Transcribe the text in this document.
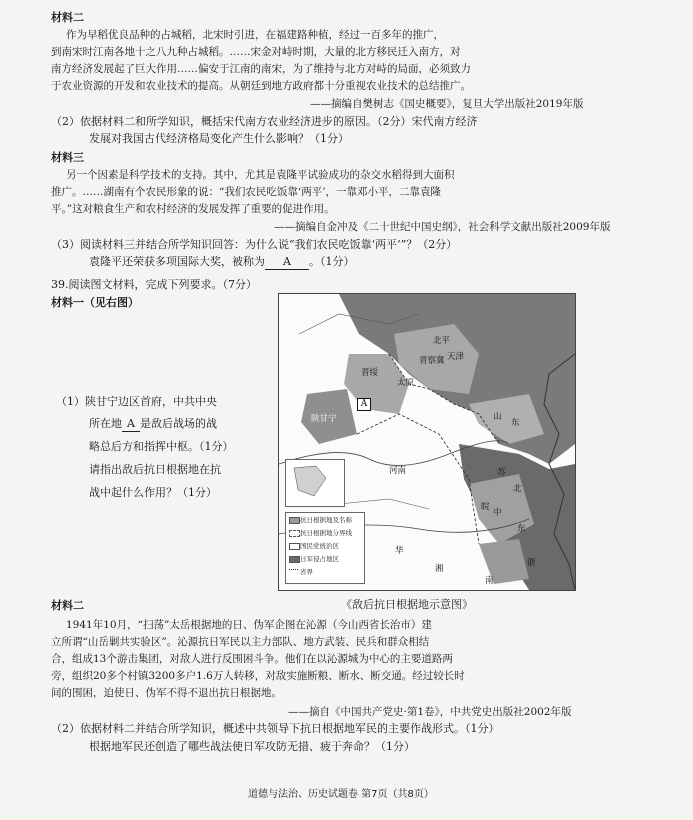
材料二
作为早稻优良品种的占城稻，北宋时引进，在福建路种植，经过一百多年的推广，
到南宋时江南各地十之八九种占城稻。……宋金对峙时期，大量的北方移民迁入南方，对
南方经济发展起了巨大作用……偏安于江南的南宋，为了维持与北方对峙的局面，必须致力
于农业资源的开发和农业技术的提高。从朝廷到地方政府都十分重视农业技术的总结推广。
——摘编自樊树志《国史概要》，复旦大学出版社2019年版
（2）依据材料二和所学知识，概括宋代南方农业经济进步的原因。（2分）宋代南方经济
发展对我国古代经济格局变化产生什么影响？（1分）
材料三
另一个因素是科学技术的支持。其中，尤其是袁隆平试验成功的杂交水稻得到大面积
推广。……湖南有个农民形象的说：“我们农民吃饭靠‘两平’，一靠邓小平，二靠袁隆
平。”这对粮食生产和农村经济的发展发挥了重要的促进作用。
——摘编自金冲及《二十世纪中国史纲》，社会科学文献出版社2009年版
（3）阅读材料三并结合所学知识回答：为什么说“我们农民吃饭靠‘两平’”？（2分）
袁隆平还荣获多项国际大奖，被称为 A 。（1分）
39.阅读图文材料，完成下列要求。（7分）
材料一（见右图）
（1）陕甘宁边区首府，中共中央
所在地 A 是敌后战场的战
略总后方和指挥中枢。（1分）
请指出敌后抗日根据地在抗
战中起什么作用？（1分）
A
北平
天津
太原
陕甘宁
晋绥
晋察冀
山
东
河南	苏
北
皖
中
华
东
浙
湘
南
抗日根据地及名称
抗日根据地分界线
国民党统治区
日军侵占地区
省界
《敌后抗日根据地示意图》
材料二
1941年10月，“扫荡”太岳根据地的日、伪军企图在沁源（今山西省长治市）建
立所谓“山岳剿共实验区”。沁源抗日军民以主力部队、地方武装、民兵和群众相结
合，组成13个游击集团，对敌人进行反围困斗争。他们在以沁源城为中心的主要道路两
旁，组织20多个村镇3200多户1.6万人转移，对敌实施断粮、断水、断交通。经过较长时
间的围困，迫使日、伪军不得不退出抗日根据地。
——摘自《中国共产党史·第1卷》，中共党史出版社2002年版
（2）依据材料二并结合所学知识，概述中共领导下抗日根据地军民的主要作战形式。（1分）
根据地军民还创造了哪些战法使日军攻防无措、疲于奔命？（1分）
道德与法治、历史试题卷 第7页（共8页）
